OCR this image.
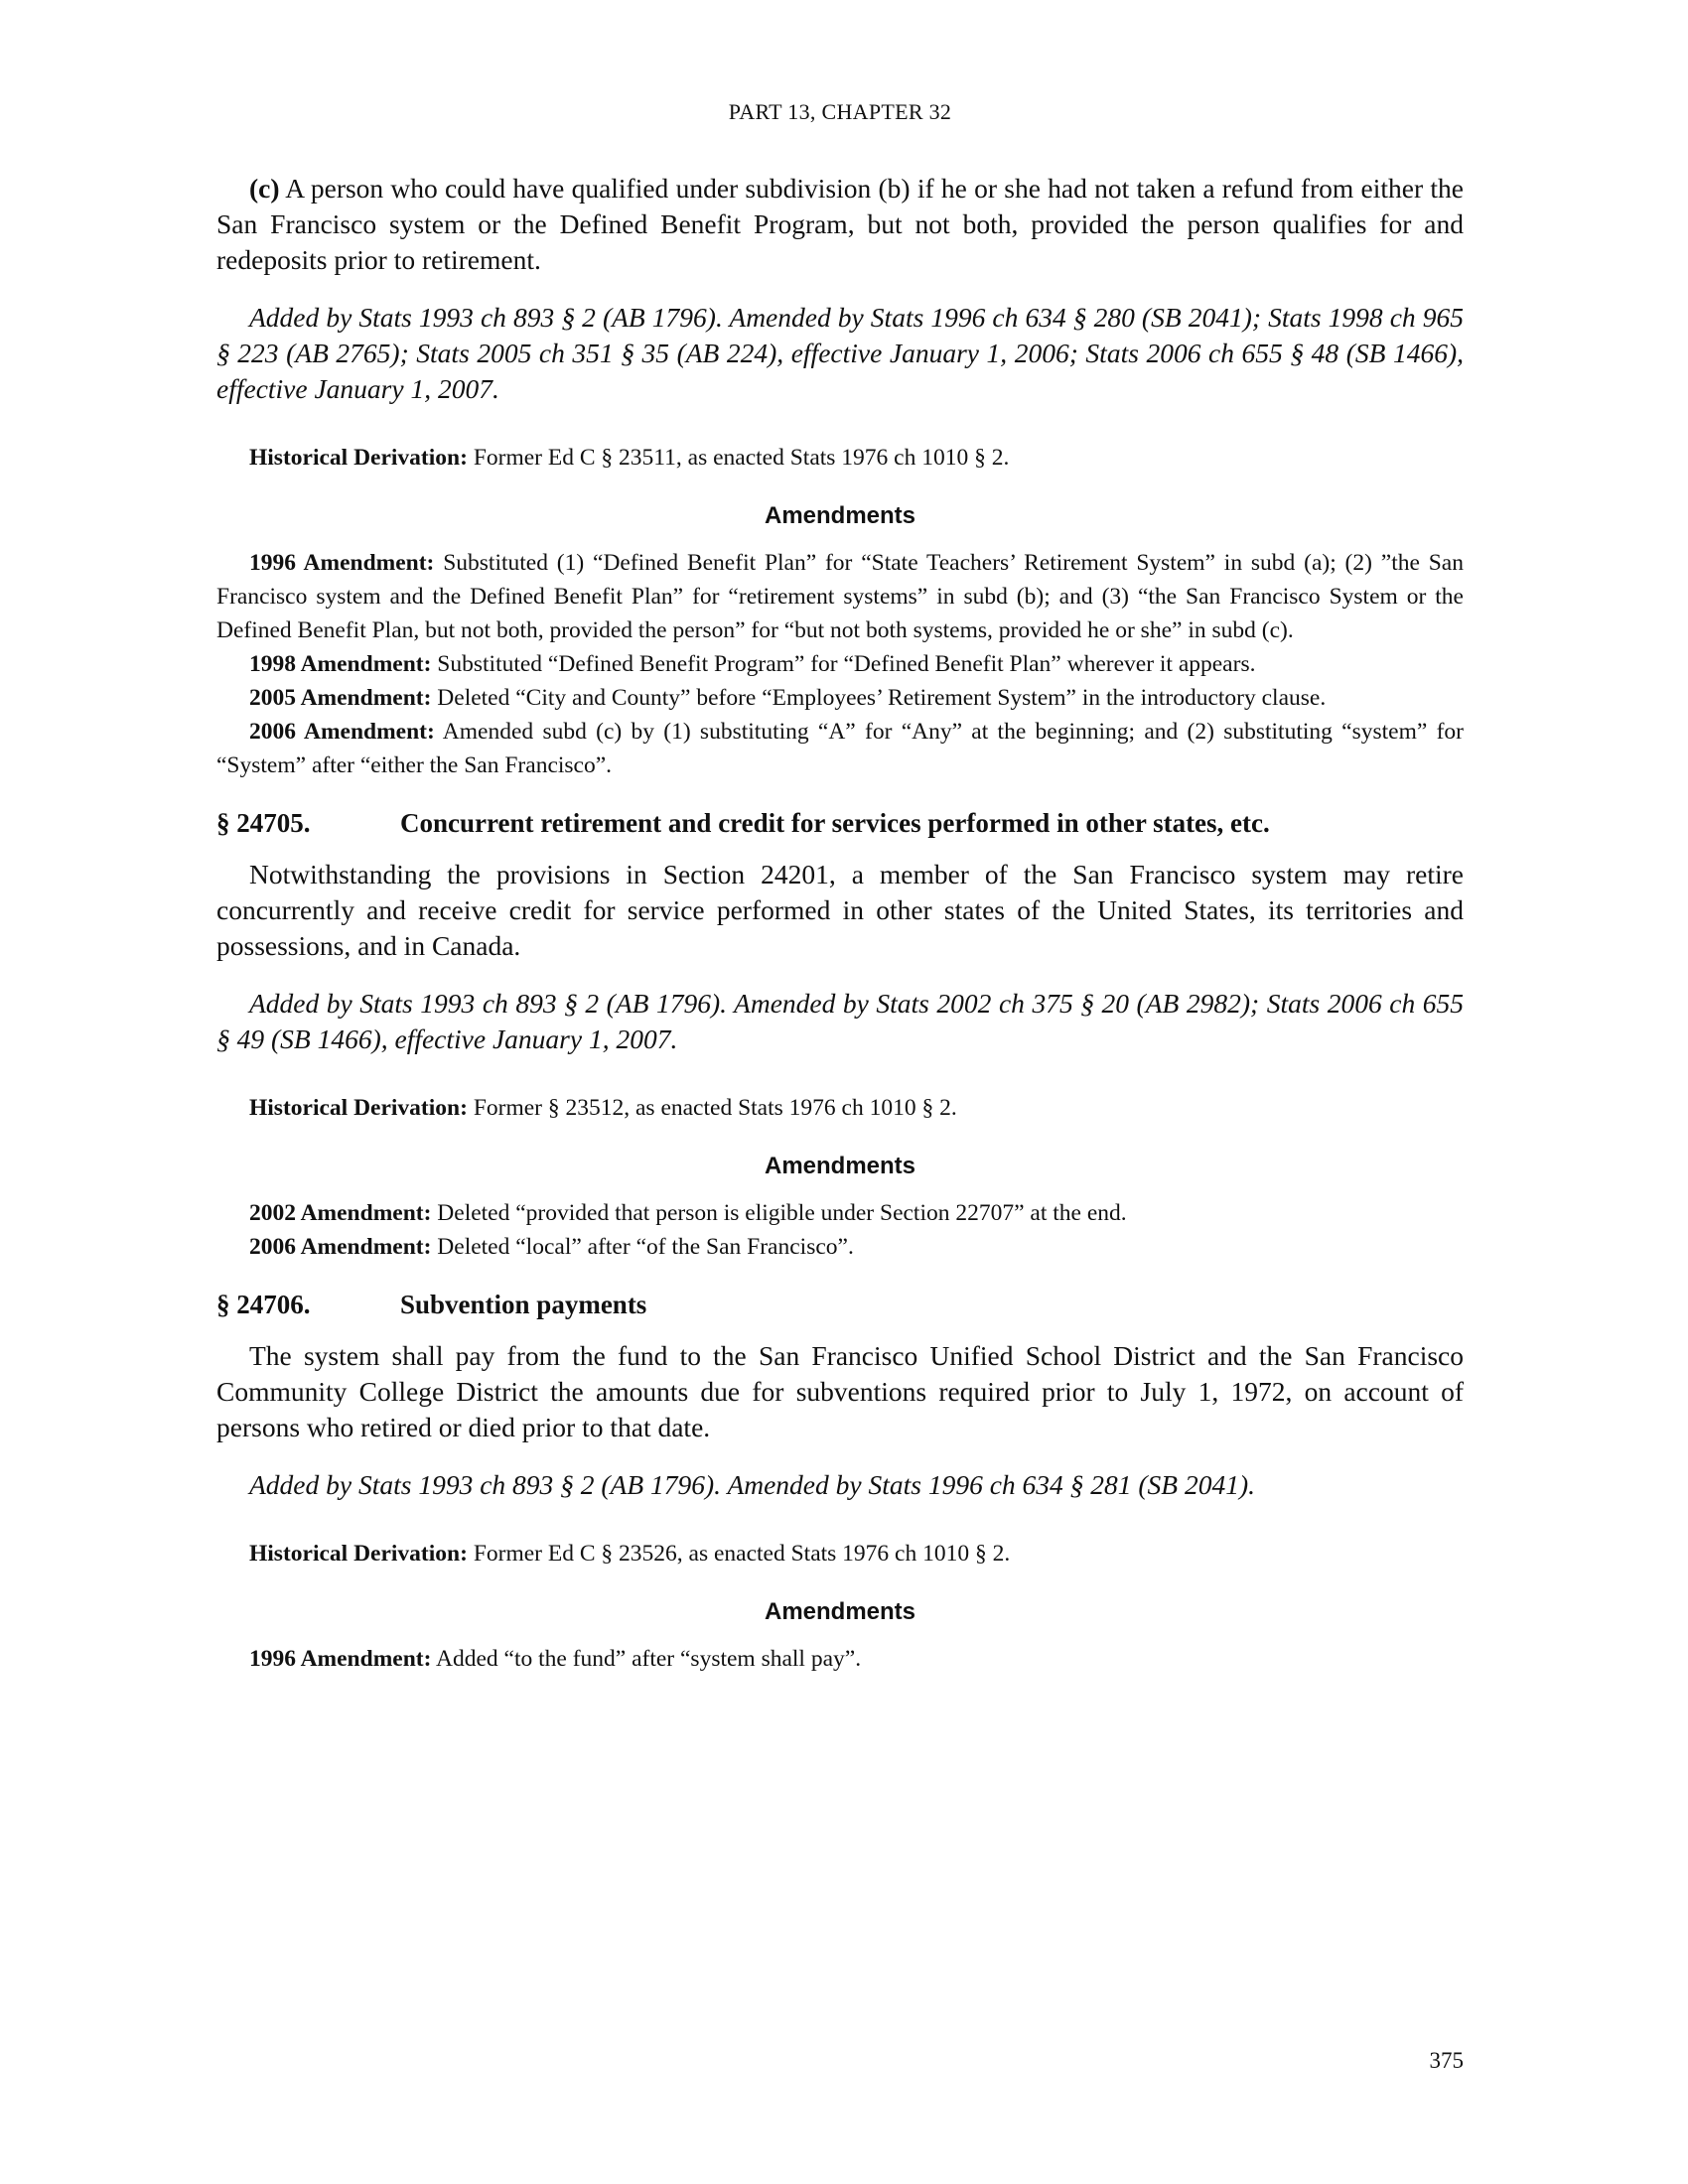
PART 13, CHAPTER 32

(c) A person who could have qualified under subdivision (b) if he or she had not taken a refund from either the San Francisco system or the Defined Benefit Program, but not both, provided the person qualifies for and redeposits prior to retirement.

Added by Stats 1993 ch 893 § 2 (AB 1796). Amended by Stats 1996 ch 634 § 280 (SB 2041); Stats 1998 ch 965 § 223 (AB 2765); Stats 2005 ch 351 § 35 (AB 224), effective January 1, 2006; Stats 2006 ch 655 § 48 (SB 1466), effective January 1, 2007.

Historical Derivation: Former Ed C § 23511, as enacted Stats 1976 ch 1010 § 2.

Amendments

1996 Amendment: Substituted (1) “Defined Benefit Plan” for “State Teachers’ Retirement System” in subd (a); (2) ”the San Francisco system and the Defined Benefit Plan” for “retirement systems” in subd (b); and (3) “the San Francisco System or the Defined Benefit Plan, but not both, provided the person” for “but not both systems, provided he or she” in subd (c).

1998 Amendment: Substituted “Defined Benefit Program” for “Defined Benefit Plan” wherever it appears.

2005 Amendment: Deleted “City and County” before “Employees’ Retirement System” in the introductory clause.

2006 Amendment: Amended subd (c) by (1) substituting “A” for “Any” at the beginning; and (2) substituting “system” for “System” after “either the San Francisco”.

§ 24705.	Concurrent retirement and credit for services performed in other states, etc.

Notwithstanding the provisions in Section 24201, a member of the San Francisco system may retire concurrently and receive credit for service performed in other states of the United States, its territories and possessions, and in Canada.

Added by Stats 1993 ch 893 § 2 (AB 1796). Amended by Stats 2002 ch 375 § 20 (AB 2982); Stats 2006 ch 655 § 49 (SB 1466), effective January 1, 2007.

Historical Derivation: Former § 23512, as enacted Stats 1976 ch 1010 § 2.

Amendments

2002 Amendment: Deleted “provided that person is eligible under Section 22707” at the end.

2006 Amendment: Deleted “local” after “of the San Francisco”.

§ 24706.	Subvention payments

The system shall pay from the fund to the San Francisco Unified School District and the San Francisco Community College District the amounts due for subventions required prior to July 1, 1972, on account of persons who retired or died prior to that date.

Added by Stats 1993 ch 893 § 2 (AB 1796). Amended by Stats 1996 ch 634 § 281 (SB 2041).

Historical Derivation: Former Ed C § 23526, as enacted Stats 1976 ch 1010 § 2.

Amendments

1996 Amendment: Added “to the fund” after “system shall pay”.

375
